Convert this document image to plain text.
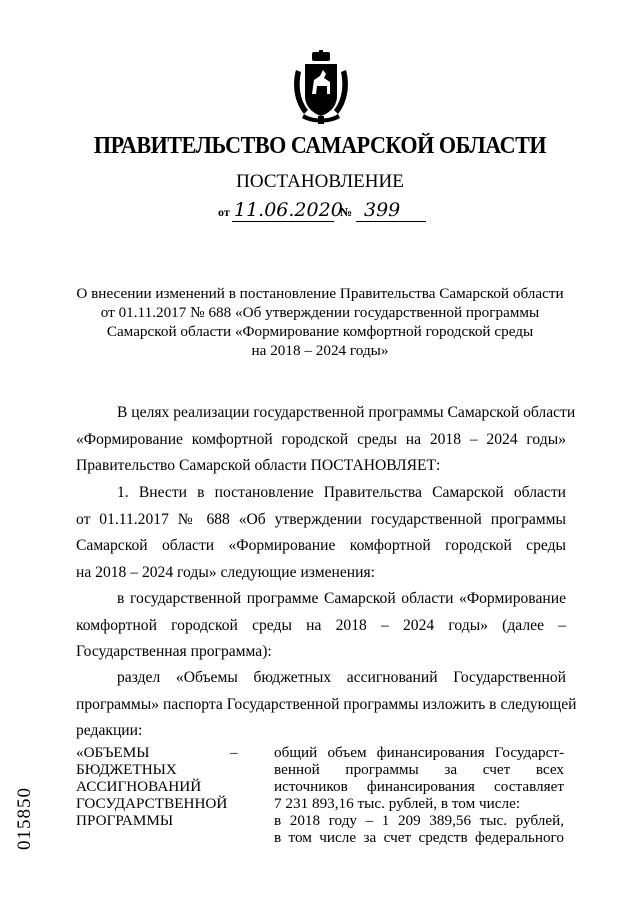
ПРАВИТЕЛЬСТВО САМАРСКОЙ ОБЛАСТИ
ПОСТАНОВЛЕНИЕ
от 11.06.2020
№ 399
О внесении изменений в постановление Правительства Самарской области
от 01.11.2017 № 688 «Об утверждении государственной программы
Самарской области «Формирование комфортной городской среды
на 2018 – 2024 годы»
В целях реализации государственной программы Самарской области
«Формирование комфортной городской среды на 2018 – 2024 годы»
Правительство Самарской области ПОСТАНОВЛЯЕТ:
1. Внести в постановление Правительства Самарской области
от 01.11.2017 № 688 «Об утверждении государственной программы
Самарской области «Формирование комфортной городской среды
на 2018 – 2024 годы» следующие изменения:
в государственной программе Самарской области «Формирование
комфортной городской среды на 2018 – 2024 годы» (далее –
Государственная программа):
раздел «Объемы бюджетных ассигнований Государственной
программы» паспорта Государственной программы изложить в следующей
редакции:
«ОБЪЕМЫ
БЮДЖЕТНЫХ
АССИГНОВАНИЙ
ГОСУДАРСТВЕННОЙ
ПРОГРАММЫ
– общий объем финансирования Государст-
венной программы за счет всех
источников финансирования составляет
7 231 893,16 тыс. рублей, в том числе:
в 2018 году – 1 209 389,56 тыс. рублей,
в том числе за счет средств федерального
015850
